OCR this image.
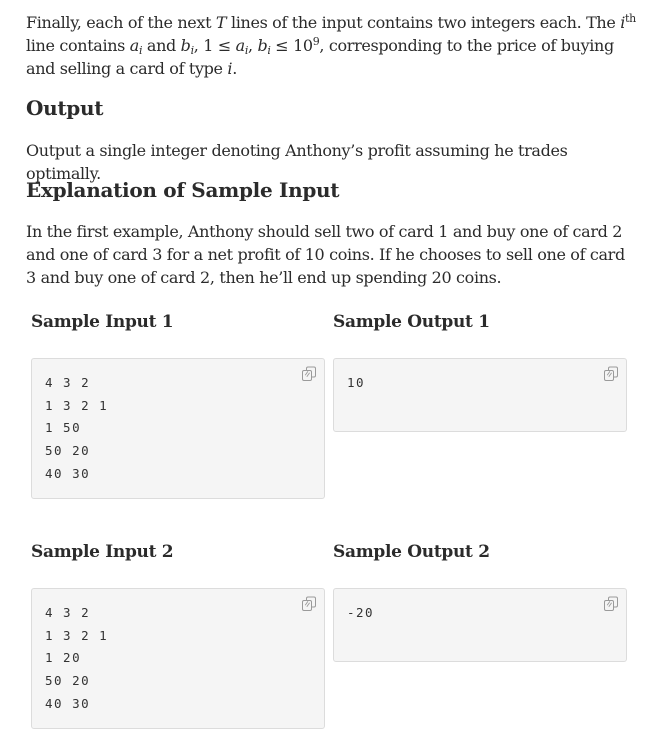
Finally, each of the next T lines of the input contains two integers each. The $i^{th}$ line contains $a_i$ and $b_i$, $1 \le a_i$, $b_i \le 10^9$, corresponding to the price of buying and selling a card of type i.

Output

Output a single integer denoting Anthony’s profit assuming he trades optimally.

Explanation of Sample Input

In the first example, Anthony should sell two of card 1 and buy one of card 2 and one of card 3 for a net profit of 10 coins. If he chooses to sell one of card 3 and buy one of card 2, then he’ll end up spending 20 coins.

Sample Input 1	Sample Output 1
4 3 2
1 3 2 1
1 50
50 20
40 30
10
Sample Input 2	Sample Output 2
4 3 2
1 3 2 1
1 20
50 20
40 30
-20
